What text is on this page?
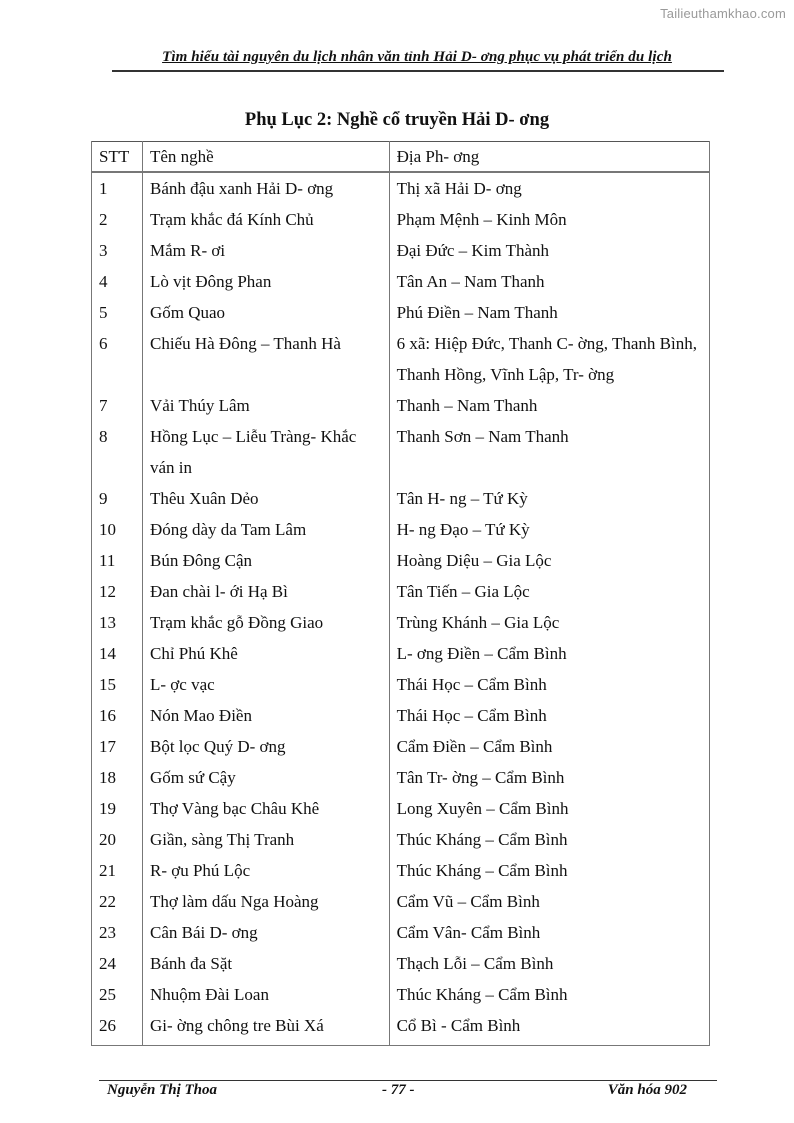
Tailieuthamkhao.com
Tìm hiểu tài nguyên du lịch nhân văn tỉnh Hải D- ơng phục vụ phát triển du lịch
Phụ Lục 2: Nghề cổ truyền Hải D- ơng
STT	Tên nghề	Địa Ph- ơng
1	Bánh đậu xanh Hải D- ơng	Thị xã Hải D- ơng
2	Trạm khắc đá Kính Chủ	Phạm Mệnh – Kinh Môn
3	Mắm R- ơi	Đại Đức – Kim Thành
4	Lò vịt Đông Phan	Tân An – Nam Thanh
5	Gốm Quao	Phú Điền – Nam Thanh
6	Chiếu Hà Đông – Thanh Hà	6 xã: Hiệp Đức, Thanh C- ờng, Thanh Bình, Thanh Hồng, Vĩnh Lập, Tr- ờng
7	Vải Thúy Lâm	Thanh – Nam Thanh
8	Hồng Lục – Liễu Tràng- Khắc ván in	Thanh Sơn – Nam Thanh
9	Thêu Xuân Dẻo	Tân H- ng – Tứ Kỳ
10	Đóng dày da Tam Lâm	H- ng Đạo – Tứ Kỳ
11	Bún Đông Cận	Hoàng Diệu – Gia Lộc
12	Đan chài l- ới Hạ Bì	Tân Tiến – Gia Lộc
13	Trạm khắc gỗ Đồng Giao	Trùng Khánh – Gia Lộc
14	Chỉ Phú Khê	L- ơng Điền – Cẩm Bình
15	L- ợc vạc	Thái Học – Cẩm Bình
16	Nón Mao Điền	Thái Học – Cẩm Bình
17	Bột lọc Quý D- ơng	Cẩm Điền – Cẩm Bình
18	Gốm sứ Cậy	Tân Tr- ờng – Cẩm Bình
19	Thợ Vàng bạc Châu Khê	Long Xuyên – Cẩm Bình
20	Giần, sàng Thị Tranh	Thúc Kháng – Cẩm Bình
21	R- ợu Phú Lộc	Thúc Kháng – Cẩm Bình
22	Thợ làm dấu Nga Hoàng	Cẩm Vũ – Cẩm Bình
23	Cân Bái D- ơng	Cẩm Vân- Cẩm Bình
24	Bánh đa Sặt	Thạch Lỗi – Cẩm Bình
25	Nhuộm Đài Loan	Thúc Kháng – Cẩm Bình
26	Gi- ờng chông tre Bùi Xá	Cổ Bì - Cẩm Bình
Nguyễn Thị Thoa	- 77 -	Văn hóa 902
